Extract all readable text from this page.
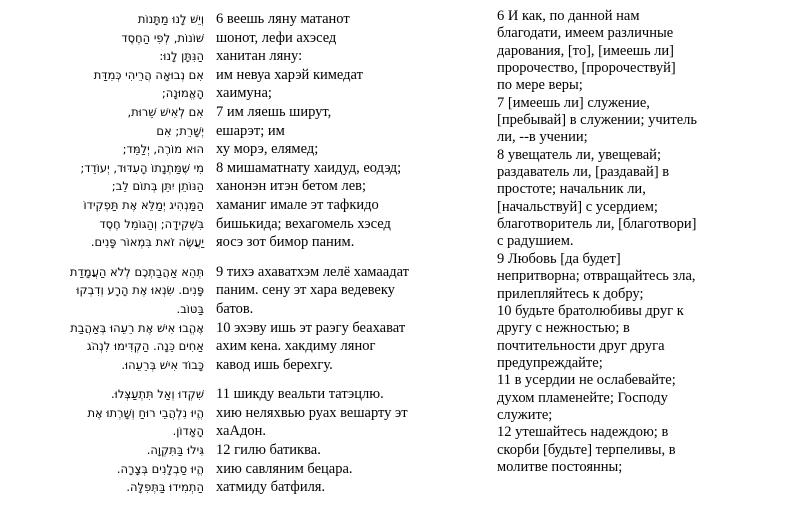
וְיֵשׁ לָנוּ מַתָּנוֹת 6 веешь ляну матанот
שׁוֹנוֹת, לְפִי הַחֶסֶד шонот, лефи ахэсед
הַנִּתָּן לָנוּ: ханитан ляну:
אִם נְבוּאָה הֲרֵיהִי כְּמִדַּת им невуа харэй кимедат
הָאֱמוּנָה; хаимуна;
אִם לְאִישׁ שֵׁרוּת, 7 им ляешь ширут,
יְשָׁרֵת; אִם ешарэт; им
הוּא מוֹרֶה, יְלַמֵּד; ху морэ, елямед;
מִי שֶׁמַּתְנָתוֹ הָעִדּוּד, יְעוֹדֵד; 8 мишаматнату хаидуд, еодэд;
הַנּוֹתֵן יִתֵּן בְּתוֹם לֵב; ханонэн итэн бетом лев;
הַמַּנְהִיג יְמַלֵּא אֶת תַּפְקִידוֹ хаманиг имале эт тафкидо
בִּשְׁקִידָה; וְהַגּוֹמֵל חֶסֶד бишькида; вехагомель хэсед
יַעֲשֶׂה זֹאת בִּמְאוֹר פָּנִים. яосэ зот бимор паним.
תְּהֵא אַהֲבַתְכֶם לְלֹא הַעֲמָדַת 9 тихэ ахаватхэм лелё хамаадат
פָּנִים. שִׂנְאוּ אֶת הָרָע וְדִבְקוּ паним. сену эт хара ведевеку
בַּטּוֹב. батов.
אֶהֱבוּ אִישׁ אֶת רֵעֵהוּ בְּאַהֲבַת 10 эхэву ишь эт раэгу беахават
אַחִים כֵּנָה. הַקְדִּימוּ לִנְהֹג ахим кена. хакдиму ляног
כָּבוֹד אִישׁ בְּרֵעֵהוּ. кавод ишь берехгу.
שִׁקְדוּ וְאַל תִּתְעַצְּלוּ. 11 шикду веальти татэцлю.
הֱיוּ נִלְהֲבֵי רוּחַ וְשָׁרְתוּ אֶת хию неляхвью руах вешарту эт
הָאָדוֹן. хаАдон.
גִּילוּ בַּתִּקְוָה. 12 гилю батиква.
הֱיוּ סַבְלָנִים בְּצָרָה. хию савляним бецара.
הַתְמִידוּ בַּתְּפִלָּה. хатмиду батфиля.
6 И как, по данной нам
благодати, имеем различные
дарования, [то], [имеешь ли]
пророчество, [пророчествуй]
по мере веры;
7 [имеешь ли] служение,
[пребывай] в служении; учитель
ли, --в учении;
8 увещатель ли, увещевай;
раздаватель ли, [раздавай] в
простоте; начальник ли,
[начальствуй] с усердием;
благотворитель ли, [благотвори]
с радушием.
9 Любовь [да будет]
непритворна; отвращайтесь зла,
прилепляйтесь к добру;
10 будьте братолюбивы друг к
другу с нежностью; в
почтительности друг друга
предупреждайте;
11 в усердии не ослабевайте;
духом пламенейте; Господу
служите;
12 утешайтесь надеждою; в
скорби [будьте] терпеливы, в
молитве постоянны;
